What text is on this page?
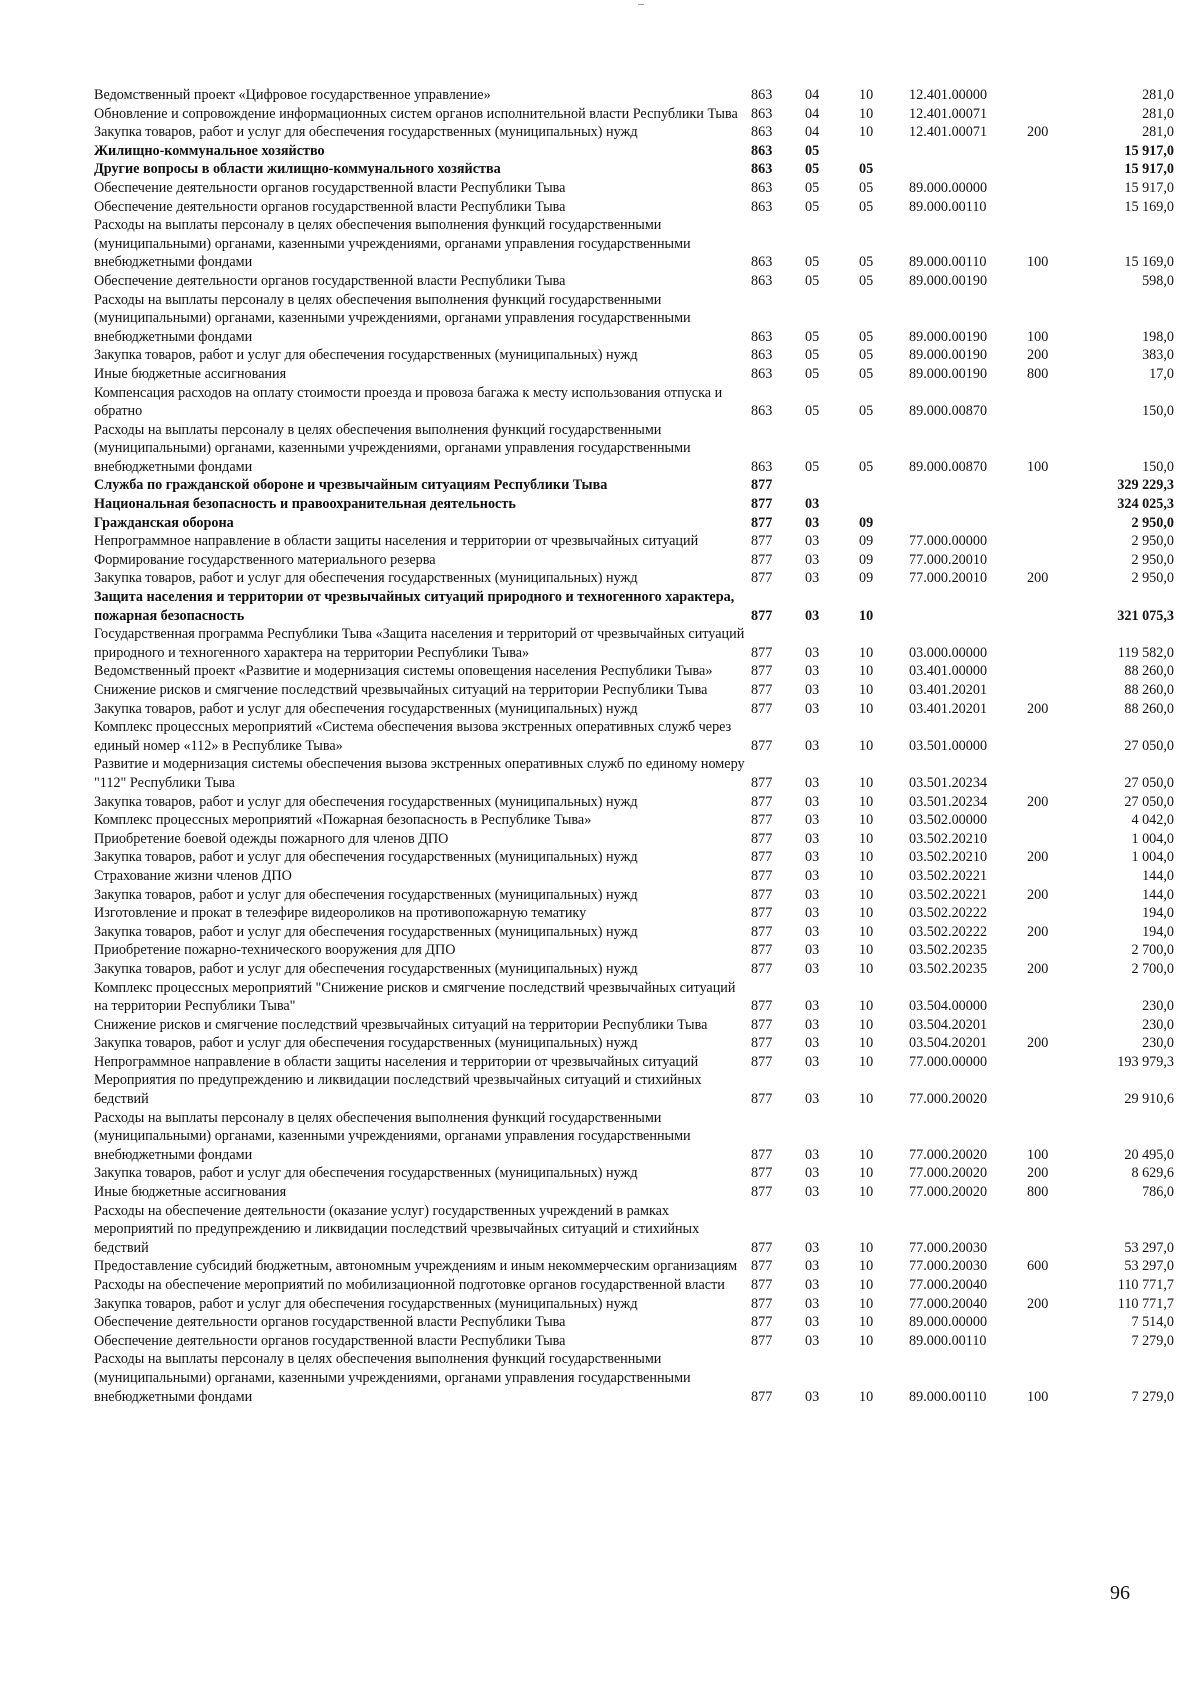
Ведомственный проект «Цифровое государственное управление»	863	04	10	12.401.00000		281,0
Обновление и сопровождение информационных систем органов исполнительной власти Республики Тыва	863	04	10	12.401.00071		281,0
Закупка товаров, работ и услуг для обеспечения государственных (муниципальных) нужд	863	04	10	12.401.00071	200	281,0
Жилищно-коммунальное хозяйство	863	05				15 917,0
Другие вопросы в области жилищно-коммунального хозяйства	863	05	05			15 917,0
Обеспечение деятельности органов государственной власти Республики Тыва	863	05	05	89.000.00000		15 917,0
Обеспечение деятельности органов государственной власти Республики Тыва	863	05	05	89.000.00110		15 169,0
Расходы на выплаты персоналу в целях обеспечения выполнения функций государственными (муниципальными) органами, казенными учреждениями, органами управления государственными внебюджетными фондами	863	05	05	89.000.00110	100	15 169,0
Обеспечение деятельности органов государственной власти Республики Тыва	863	05	05	89.000.00190		598,0
Расходы на выплаты персоналу в целях обеспечения выполнения функций государственными (муниципальными) органами, казенными учреждениями, органами управления государственными внебюджетными фондами	863	05	05	89.000.00190	100	198,0
Закупка товаров, работ и услуг для обеспечения государственных (муниципальных) нужд	863	05	05	89.000.00190	200	383,0
Иные бюджетные ассигнования	863	05	05	89.000.00190	800	17,0
Компенсация расходов на оплату стоимости проезда и провоза багажа к месту использования отпуска и обратно	863	05	05	89.000.00870		150,0
Расходы на выплаты персоналу в целях обеспечения выполнения функций государственными (муниципальными) органами, казенными учреждениями, органами управления государственными внебюджетными фондами	863	05	05	89.000.00870	100	150,0
Служба по гражданской обороне и чрезвычайным ситуациям Республики Тыва	877					329 229,3
Национальная безопасность и правоохранительная деятельность	877	03				324 025,3
Гражданская оборона	877	03	09			2 950,0
Непрограммное направление в области защиты населения и территории от чрезвычайных ситуаций	877	03	09	77.000.00000		2 950,0
Формирование государственного материального резерва	877	03	09	77.000.20010		2 950,0
Закупка товаров, работ и услуг для обеспечения государственных (муниципальных) нужд	877	03	09	77.000.20010	200	2 950,0
Защита населения и территории от чрезвычайных ситуаций природного и техногенного характера, пожарная безопасность	877	03	10			321 075,3
Государственная программа Республики Тыва «Защита населения и территорий от чрезвычайных ситуаций природного и техногенного характера на территории Республики Тыва»	877	03	10	03.000.00000		119 582,0
Ведомственный проект «Развитие и модернизация системы оповещения населения Республики Тыва»	877	03	10	03.401.00000		88 260,0
Снижение рисков и смягчение последствий чрезвычайных ситуаций на территории Республики Тыва	877	03	10	03.401.20201		88 260,0
Закупка товаров, работ и услуг для обеспечения государственных (муниципальных) нужд	877	03	10	03.401.20201	200	88 260,0
Комплекс процессных мероприятий «Система обеспечения вызова экстренных оперативных служб через единый номер «112» в Республике Тыва»	877	03	10	03.501.00000		27 050,0
Развитие и модернизация системы обеспечения вызова экстренных оперативных служб по единому номеру "112" Республики Тыва	877	03	10	03.501.20234		27 050,0
Закупка товаров, работ и услуг для обеспечения государственных (муниципальных) нужд	877	03	10	03.501.20234	200	27 050,0
Комплекс процессных мероприятий «Пожарная безопасность в Республике Тыва»	877	03	10	03.502.00000		4 042,0
Приобретение боевой одежды пожарного для членов ДПО	877	03	10	03.502.20210		1 004,0
Закупка товаров, работ и услуг для обеспечения государственных (муниципальных) нужд	877	03	10	03.502.20210	200	1 004,0
Страхование жизни членов ДПО	877	03	10	03.502.20221		144,0
Закупка товаров, работ и услуг для обеспечения государственных (муниципальных) нужд	877	03	10	03.502.20221	200	144,0
Изготовление и прокат в телеэфире видеороликов на противопожарную тематику	877	03	10	03.502.20222		194,0
Закупка товаров, работ и услуг для обеспечения государственных (муниципальных) нужд	877	03	10	03.502.20222	200	194,0
Приобретение пожарно-технического вооружения для ДПО	877	03	10	03.502.20235		2 700,0
Закупка товаров, работ и услуг для обеспечения государственных (муниципальных) нужд	877	03	10	03.502.20235	200	2 700,0
Комплекс процессных мероприятий "Снижение рисков и смягчение последствий чрезвычайных ситуаций на территории Республики Тыва"	877	03	10	03.504.00000		230,0
Снижение рисков и смягчение последствий чрезвычайных ситуаций на территории Республики Тыва	877	03	10	03.504.20201		230,0
Закупка товаров, работ и услуг для обеспечения государственных (муниципальных) нужд	877	03	10	03.504.20201	200	230,0
Непрограммное направление в области защиты населения и территории от чрезвычайных ситуаций	877	03	10	77.000.00000		193 979,3
Мероприятия по предупреждению и ликвидации последствий чрезвычайных ситуаций и стихийных бедствий	877	03	10	77.000.20020		29 910,6
Расходы на выплаты персоналу в целях обеспечения выполнения функций государственными (муниципальными) органами, казенными учреждениями, органами управления государственными внебюджетными фондами	877	03	10	77.000.20020	100	20 495,0
Закупка товаров, работ и услуг для обеспечения государственных (муниципальных) нужд	877	03	10	77.000.20020	200	8 629,6
Иные бюджетные ассигнования	877	03	10	77.000.20020	800	786,0
Расходы на обеспечение деятельности (оказание услуг) государственных учреждений в рамках мероприятий по предупреждению и ликвидации последствий чрезвычайных ситуаций и стихийных бедствий	877	03	10	77.000.20030		53 297,0
Предоставление субсидий бюджетным, автономным учреждениям и иным некоммерческим организациям	877	03	10	77.000.20030	600	53 297,0
Расходы на обеспечение мероприятий по мобилизационной подготовке органов государственной власти	877	03	10	77.000.20040		110 771,7
Закупка товаров, работ и услуг для обеспечения государственных (муниципальных) нужд	877	03	10	77.000.20040	200	110 771,7
Обеспечение деятельности органов государственной власти Республики Тыва	877	03	10	89.000.00000		7 514,0
Обеспечение деятельности органов государственной власти Республики Тыва	877	03	10	89.000.00110		7 279,0
Расходы на выплаты персоналу в целях обеспечения выполнения функций государственными (муниципальными) органами, казенными учреждениями, органами управления государственными внебюджетными фондами	877	03	10	89.000.00110	100	7 279,0
96
